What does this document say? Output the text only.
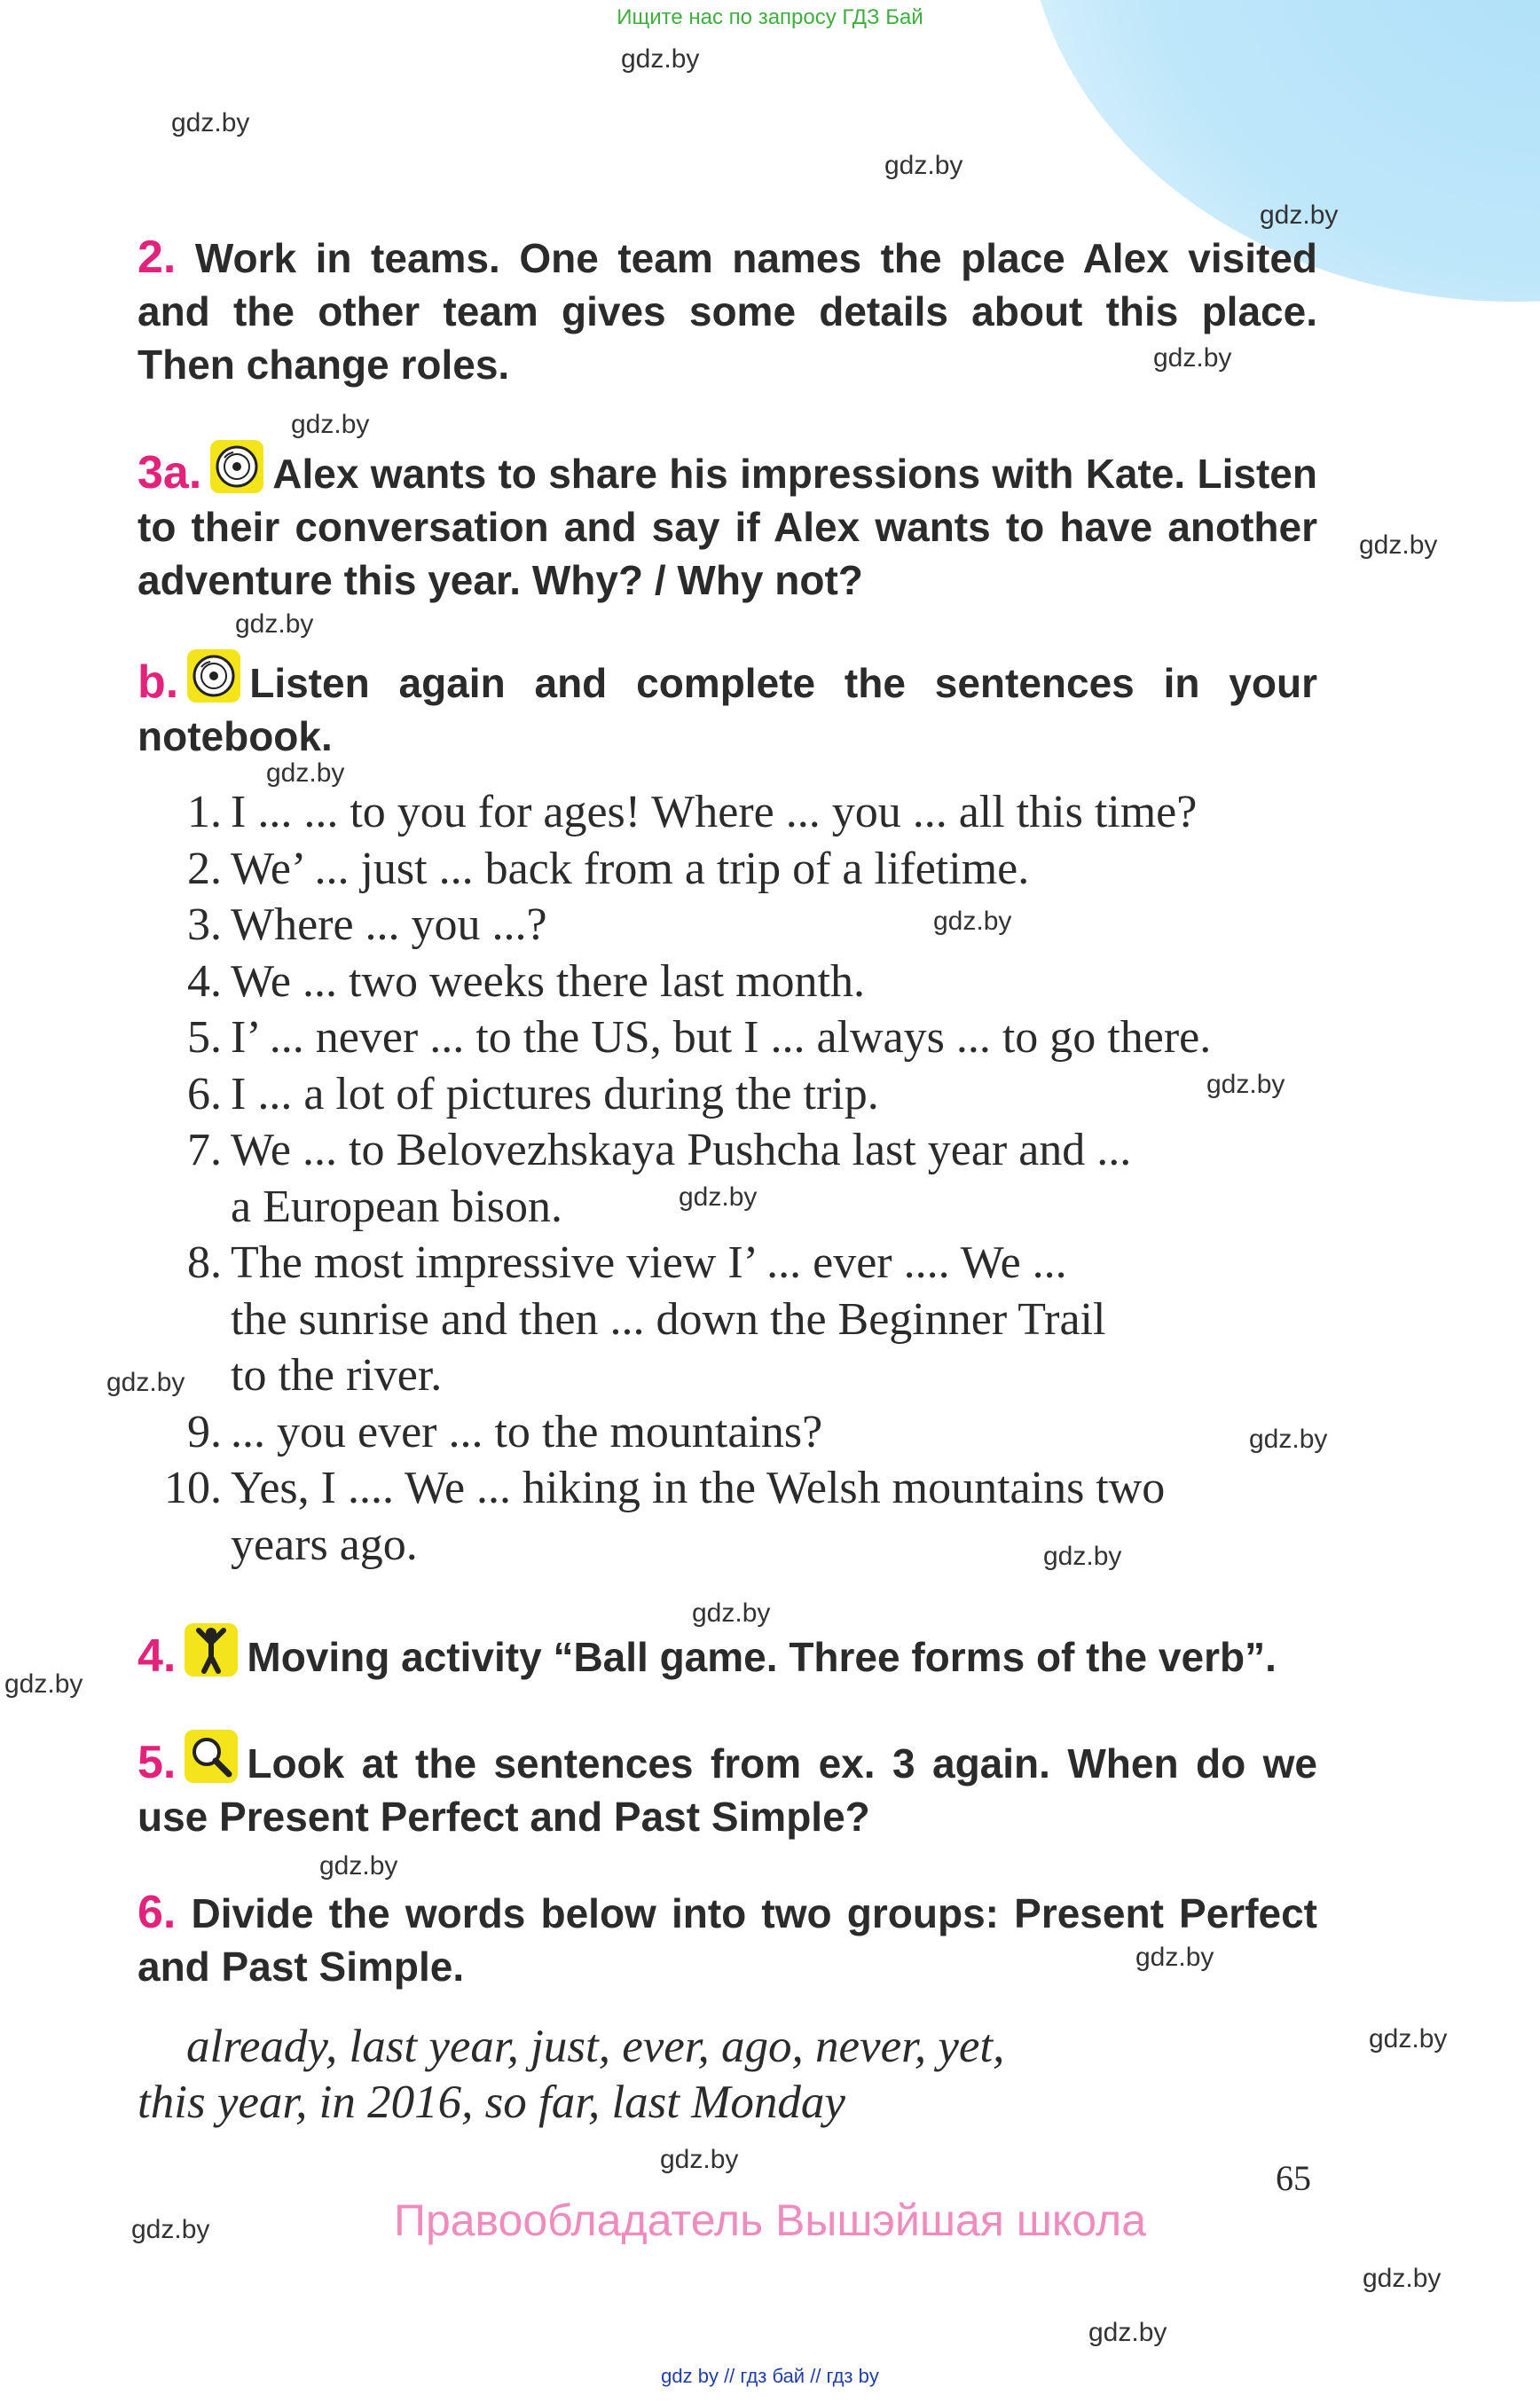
Ищите нас по запросу ГДЗ Бай
gdz.by
gdz.by
gdz.by
gdz.by
gdz.by
gdz.by
gdz.by
gdz.by
gdz.by
gdz.by
gdz.by
gdz.by
gdz.by
gdz.by
gdz.by
gdz.by
gdz.by
gdz.by
gdz.by
gdz.by
gdz.by
gdz.by
gdz.by
gdz.by
2. Work in teams. One team names the place Alex visited and the other team gives some details about this place. Then change roles.
3a. Alex wants to share his impressions with Kate. Listen to their conversation and say if Alex wants to have another adventure this year. Why? / Why not?
b. Listen again and complete the sentences in your notebook.
1. I ... ... to you for ages! Where ... you ... all this time?
2. We’ ... just ... back from a trip of a lifetime.
3. Where ... you ...?
4. We ... two weeks there last month.
5. I’ ... never ... to the US, but I ... always ... to go there.
6. I ... a lot of pictures during the trip.
7. We ... to Belovezhskaya Pushcha last year and ...
a European bison.
8. The most impressive view I’ ... ever .... We ...
the sunrise and then ... down the Beginner Trail
to the river.
9. ... you ever ... to the mountains?
10. Yes, I .... We ... hiking in the Welsh mountains two
years ago.
4. Moving activity “Ball game. Three forms of the verb”.
5. Look at the sentences from ex. 3 again. When do we use Present Perfect and Past Simple?
6. Divide the words below into two groups: Present Perfect and Past Simple.
already, last year, just, ever, ago, never, yet,
this year, in 2016, so far, last Monday
65
Правообладатель Вышэйшая школа
gdz by // гдз бай // гдз by
